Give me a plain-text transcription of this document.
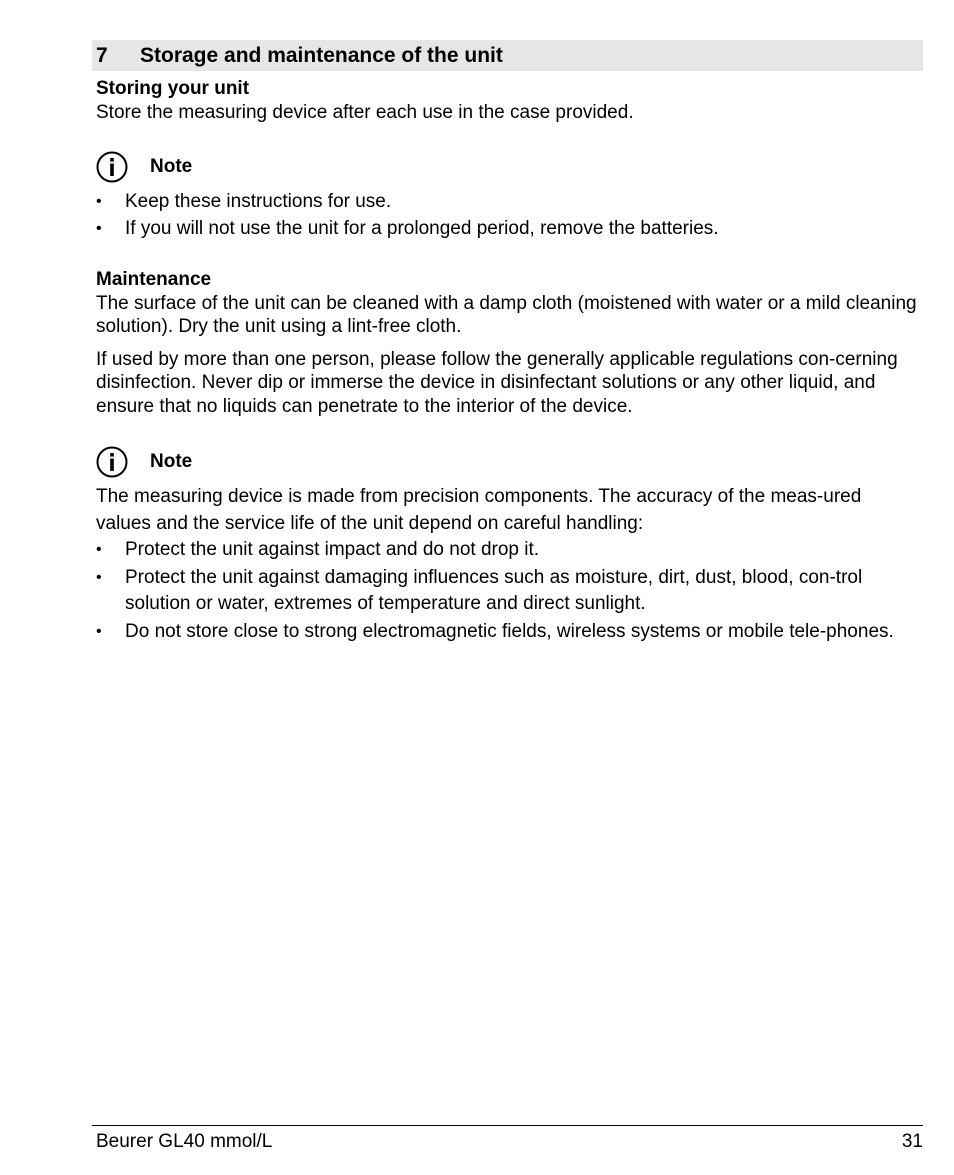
7	Storage and maintenance of the unit
Storing your unit
Store the measuring device after each use in the case provided.
Note
• Keep these instructions for use.
• If you will not use the unit for a prolonged period, remove the batteries.
Maintenance
The surface of the unit can be cleaned with a damp cloth (moistened with water or a mild cleaning solution). Dry the unit using a lint-free cloth.
If used by more than one person, please follow the generally applicable regulations con-cerning disinfection. Never dip or immerse the device in disinfectant solutions or any other liquid, and ensure that no liquids can penetrate to the interior of the device.
Note
The measuring device is made from precision components. The accuracy of the meas-ured values and the service life of the unit depend on careful handling:
• Protect the unit against impact and do not drop it.
• Protect the unit against damaging influences such as moisture, dirt, dust, blood, con-trol solution or water, extremes of temperature and direct sunlight.
• Do not store close to strong electromagnetic fields, wireless systems or mobile tele-phones.
Beurer GL40 mmol/L	31
